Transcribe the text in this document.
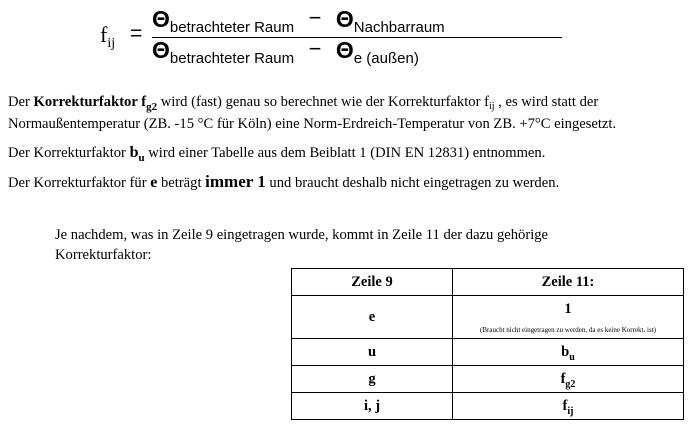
$f_{ij}$ =
Θbetrachteter Raum − ΘNachbarraum
Θbetrachteter Raum − Θe (außen)

Der Korrekturfaktor $f_{g2}$ wird (fast) genau so berechnet wie der Korrekturfaktor $f_{ij}$ , es wird statt der Normaußentemperatur (ZB. -15 °C für Köln) eine Norm-Erdreich-Temperatur von ZB. +7°C eingesetzt.

Der Korrekturfaktor $b_u$ wird einer Tabelle aus dem Beiblatt 1 (DIN EN 12831) entnommen.

Der Korrekturfaktor für e beträgt immer 1 und braucht deshalb nicht eingetragen zu werden.

Je nachdem, was in Zeile 9 eingetragen wurde, kommt in Zeile 11 der dazu gehörige Korrekturfaktor:

Zeile 9	Zeile 11:
e	1
(Braucht nicht eingetragen zu werden, da es keine Korrekt. ist)

u	$b_u$
g	$f_{g2}$
i, j	$f_{ij}$
